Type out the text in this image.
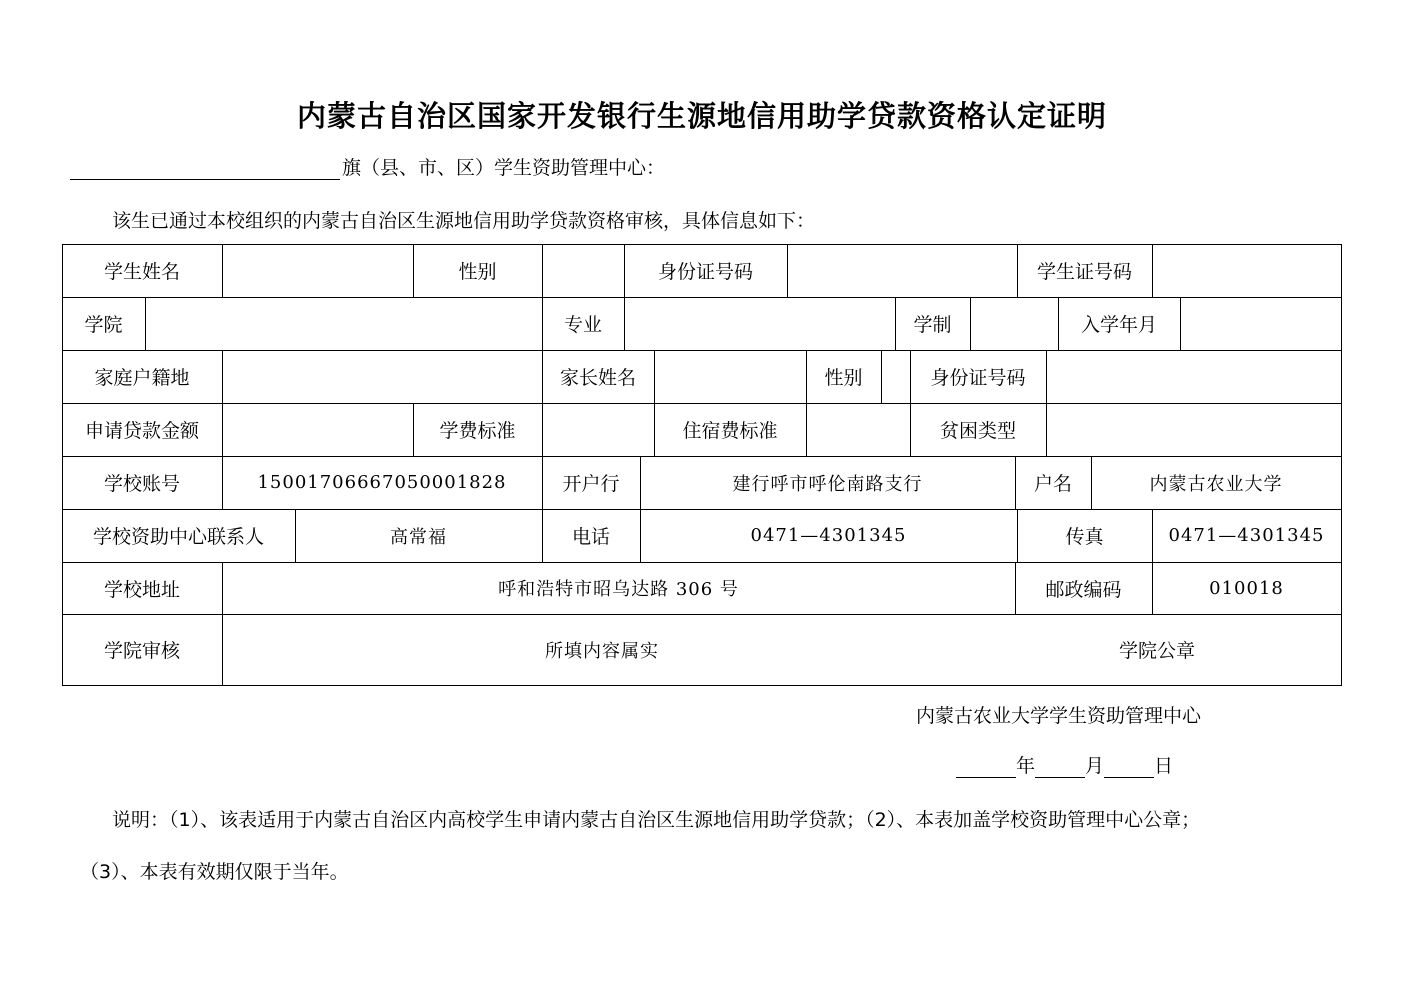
内蒙古自治区国家开发银行生源地信用助学贷款资格认定证明
旗（县、市、区）学生资助管理中心：
该生已通过本校组织的内蒙古自治区生源地信用助学贷款资格审核，具体信息如下：
学生姓名	性别	身份证号码	学生证号码
学院	专业	学制	入学年月
家庭户籍地	家长姓名	性别	身份证号码
申请贷款金额	学费标准	住宿费标准	贫困类型
学校账号	15001706667050001828	开户行	建行呼市呼伦南路支行	户名	内蒙古农业大学
学校资助中心联系人	高常福	电话	0471—4301345	传真	0471—4301345
学校地址	呼和浩特市昭乌达路 306 号	邮政编码	010018
学院审核	所填内容属实	学院公章
内蒙古农业大学学生资助管理中心
年	月	日
说明：（1）、该表适用于内蒙古自治区内高校学生申请内蒙古自治区生源地信用助学贷款；（2）、本表加盖学校资助管理中心公章；
（3）、本表有效期仅限于当年。
